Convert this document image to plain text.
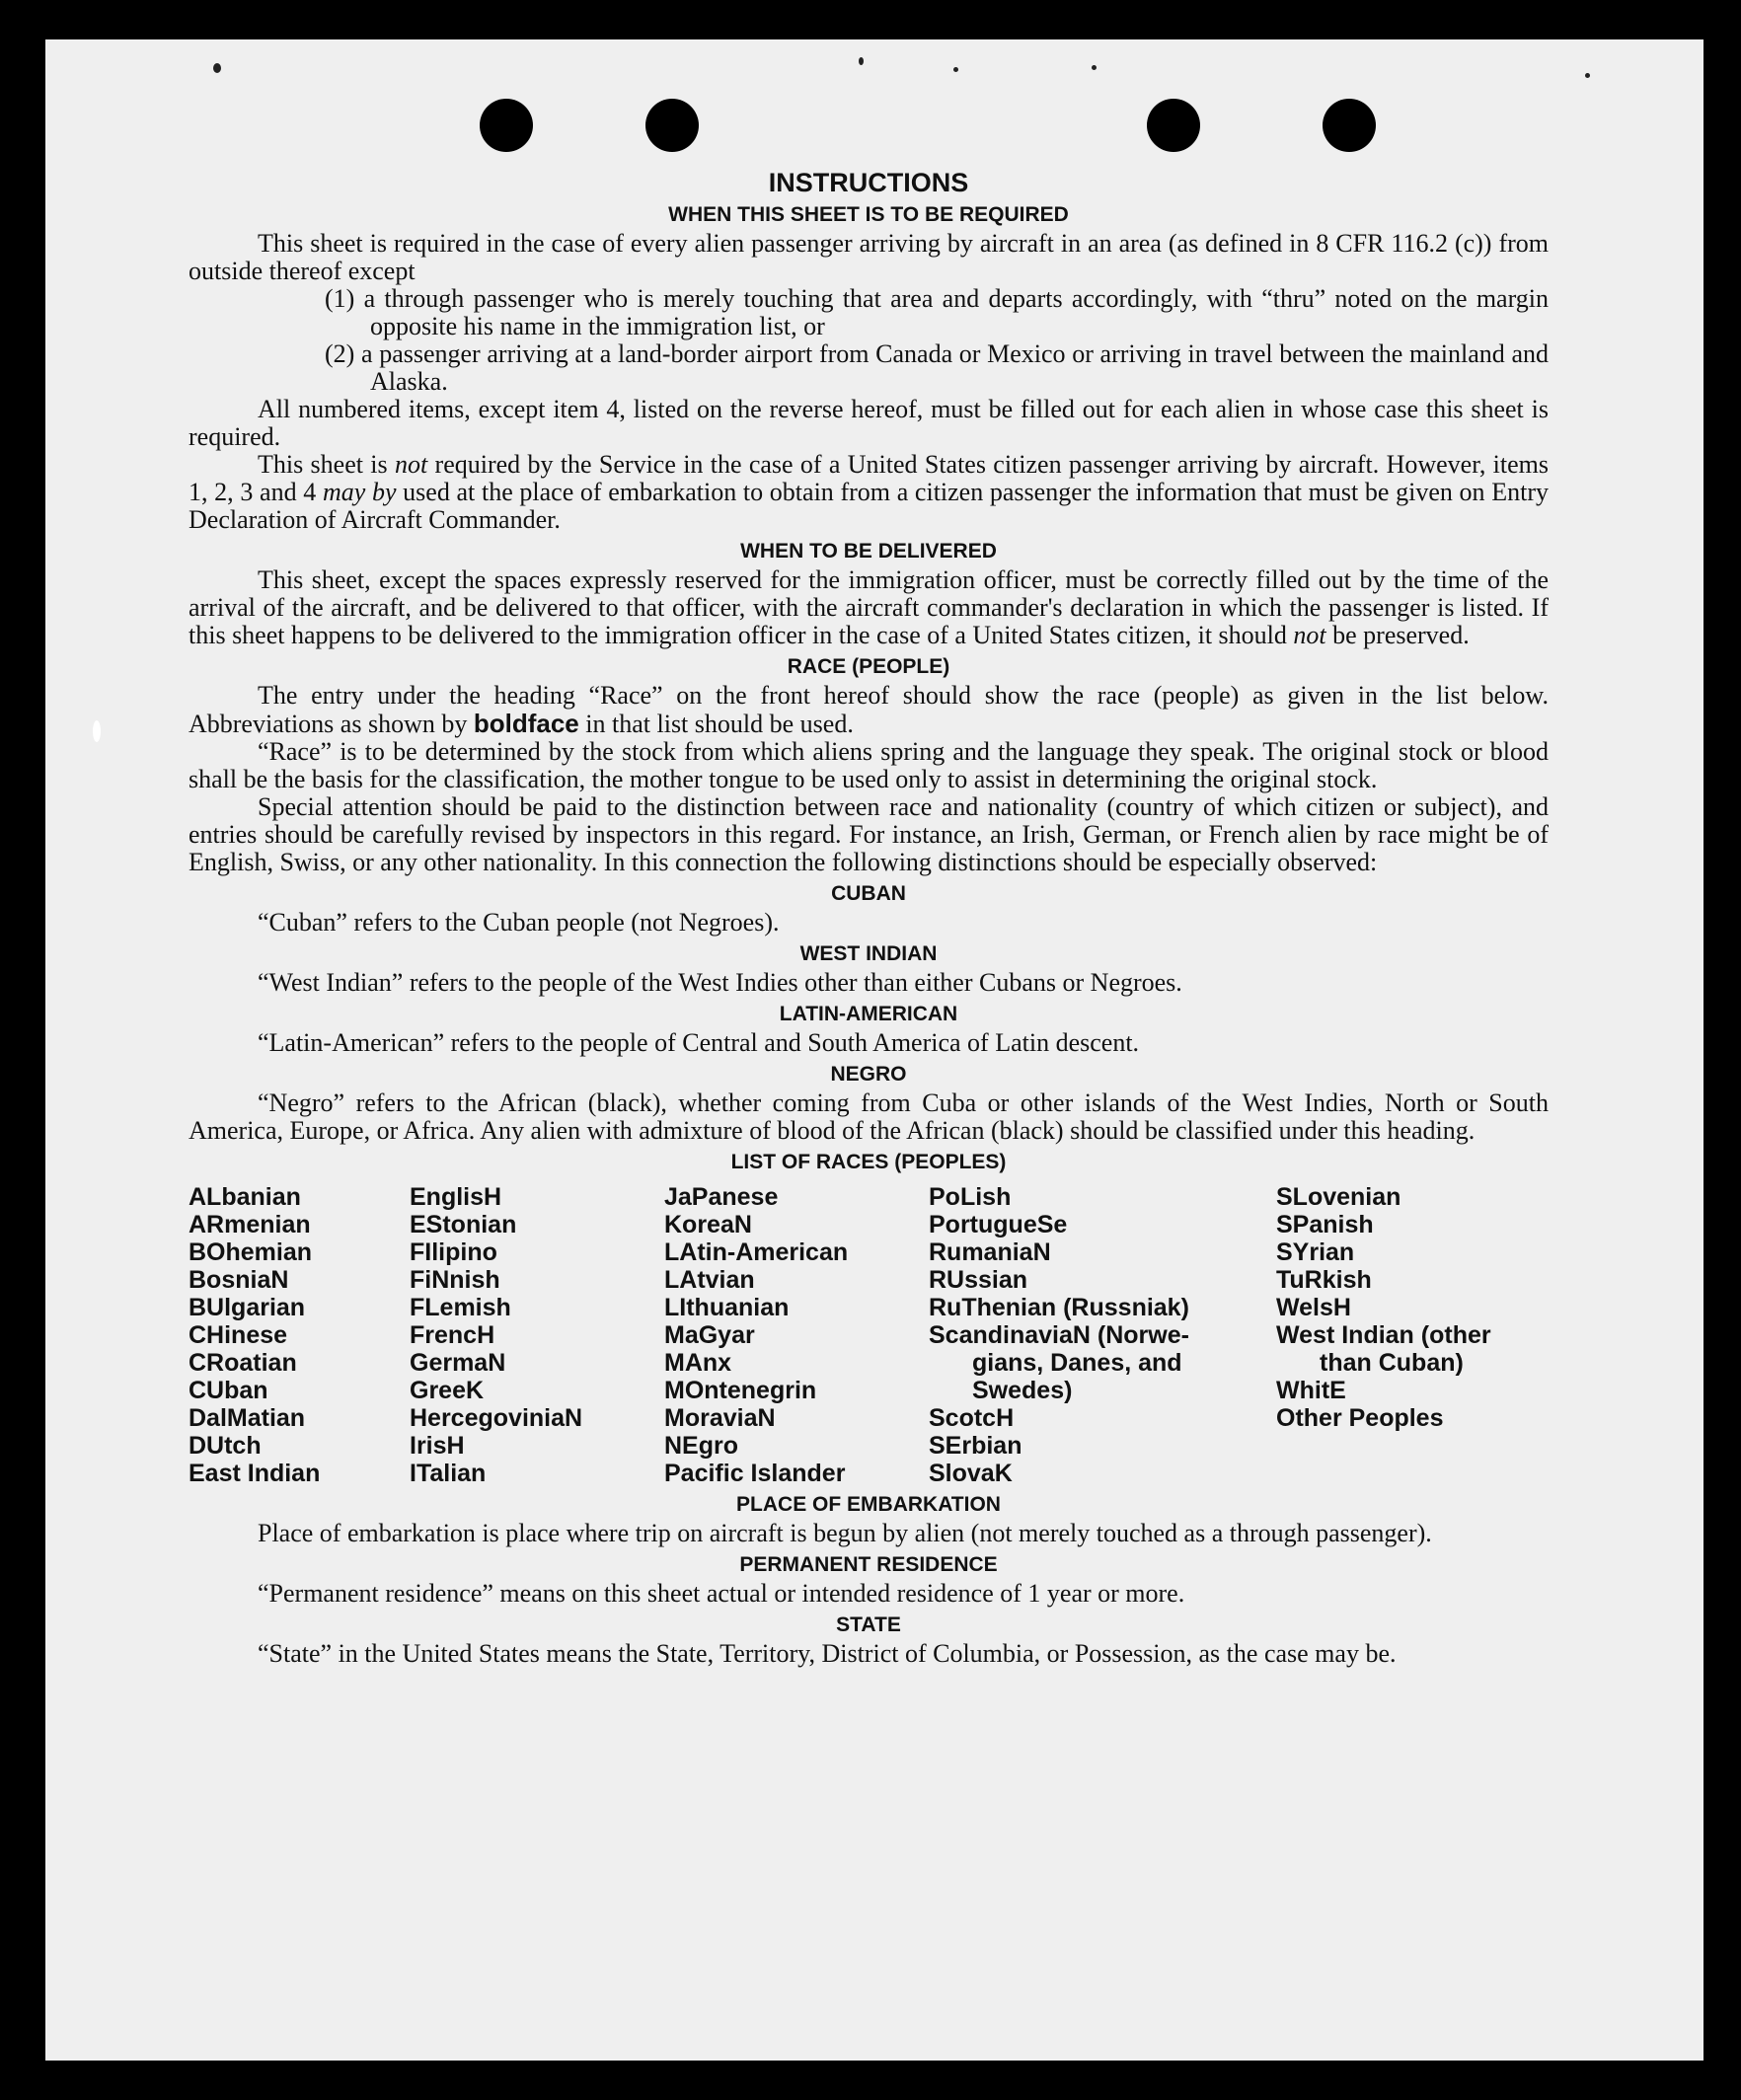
INSTRUCTIONS
WHEN THIS SHEET IS TO BE REQUIRED

This sheet is required in the case of every alien passenger arriving by aircraft in an area (as defined in 8 CFR 116.2 (c)) from outside thereof except

(1) a through passenger who is merely touching that area and departs accordingly, with “thru” noted on the margin opposite his name in the immigration list, or

(2) a passenger arriving at a land-border airport from Canada or Mexico or arriving in travel between the mainland and Alaska.

All numbered items, except item 4, listed on the reverse hereof, must be filled out for each alien in whose case this sheet is required.

This sheet is not required by the Service in the case of a United States citizen passenger arriving by aircraft. However, items 1, 2, 3 and 4 may by used at the place of embarkation to obtain from a citizen passenger the information that must be given on Entry Declaration of Aircraft Commander.

WHEN TO BE DELIVERED

This sheet, except the spaces expressly reserved for the immigration officer, must be correctly filled out by the time of the arrival of the aircraft, and be delivered to that officer, with the aircraft commander's declaration in which the passenger is listed. If this sheet happens to be delivered to the immigration officer in the case of a United States citizen, it should not be preserved.

RACE (PEOPLE)

The entry under the heading “Race” on the front hereof should show the race (people) as given in the list below. Abbreviations as shown by boldface in that list should be used.

“Race” is to be determined by the stock from which aliens spring and the language they speak. The original stock or blood shall be the basis for the classification, the mother tongue to be used only to assist in determining the original stock.

Special attention should be paid to the distinction between race and nationality (country of which citizen or subject), and entries should be carefully revised by inspectors in this regard. For instance, an Irish, German, or French alien by race might be of English, Swiss, or any other nationality. In this connection the following distinctions should be especially observed:

CUBAN

“Cuban” refers to the Cuban people (not Negroes).

WEST INDIAN

“West Indian” refers to the people of the West Indies other than either Cubans or Negroes.

LATIN-AMERICAN

“Latin-American” refers to the people of Central and South America of Latin descent.

NEGRO

“Negro” refers to the African (black), whether coming from Cuba or other islands of the West Indies, North or South America, Europe, or Africa. Any alien with admixture of blood of the African (black) should be classified under this heading.

LIST OF RACES (PEOPLES)
ALbanian
ARmenian
BOhemian
BosniaN
BUlgarian
CHinese
CRoatian
CUban
DalMatian
DUtch
East Indian
EnglisH
EStonian
FIlipino
FiNnish
FLemish
FrencH
GermaN
GreeK
HercegoviniaN
IrisH
ITalian
JaPanese
KoreaN
LAtin-American
LAtvian
LIthuanian
MaGyar
MAnx
MOntenegrin
MoraviaN
NEgro
Pacific Islander
PoLish
PortugueSe
RumaniaN
RUssian
RuThenian (Russniak)
ScandinaviaN (Norwe-
gians, Danes, and
Swedes)
ScotcH
SErbian
SlovaK
SLovenian
SPanish
SYrian
TuRkish
WelsH
West Indian (other
than Cuban)
WhitE
Other Peoples
PLACE OF EMBARKATION

Place of embarkation is place where trip on aircraft is begun by alien (not merely touched as a through passenger).

PERMANENT RESIDENCE

“Permanent residence” means on this sheet actual or intended residence of 1 year or more.

STATE

“State” in the United States means the State, Territory, District of Columbia, or Possession, as the case may be.
